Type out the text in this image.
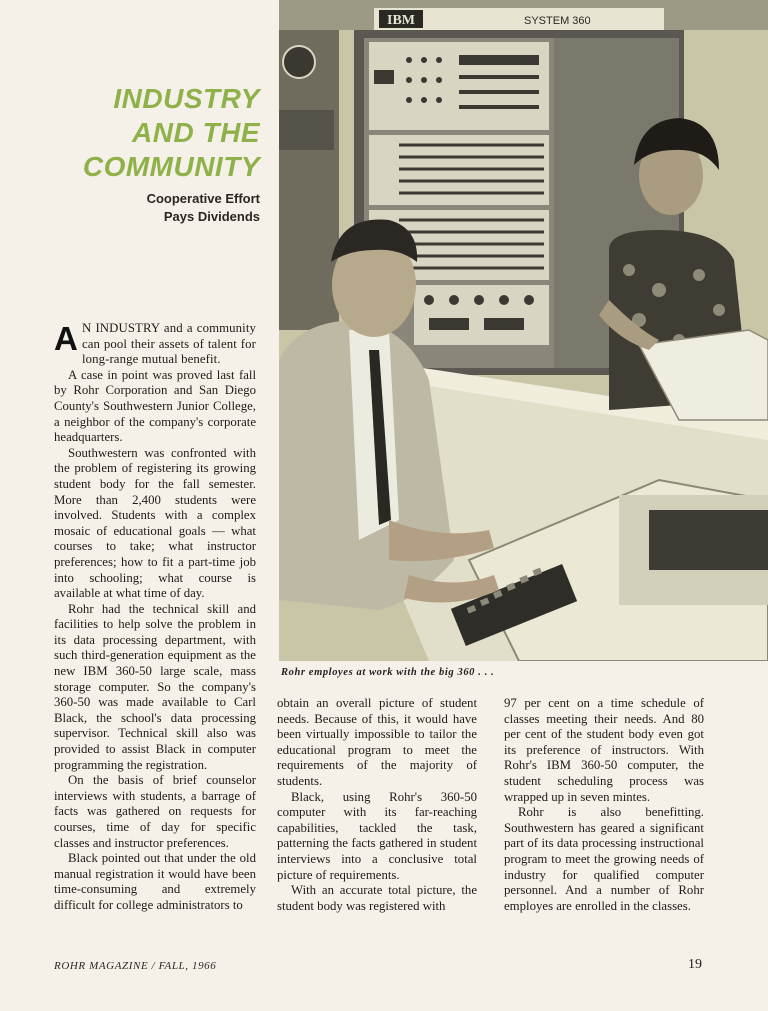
INDUSTRY
AND THE
COMMUNITY
Cooperative Effort
Pays Dividends
IBM	SYSTEM 360
Rohr employes at work with the big 360 . . .

A N INDUSTRY and a community can pool their assets of talent for long-range mutual benefit.

A case in point was proved last fall by Rohr Corporation and San Diego County's Southwestern Junior College, a neighbor of the company's corporate headquarters.

Southwestern was confronted with the problem of registering its growing student body for the fall semester. More than 2,400 students were involved. Students with a complex mosaic of educational goals — what courses to take; what instructor preferences; how to fit a part-time job into schooling; what course is available at what time of day.

Rohr had the technical skill and facilities to help solve the problem in its data processing department, with such third-generation equipment as the new IBM 360-50 large scale, mass storage computer. So the company's 360-50 was made available to Carl Black, the school's data processing supervisor. Technical skill also was provided to assist Black in computer programming the registration.

On the basis of brief counselor interviews with students, a barrage of facts was gathered on requests for courses, time of day for specific classes and instructor preferences.

Black pointed out that under the old manual registration it would have been time-consuming and extremely difficult for college administrators to

obtain an overall picture of student needs. Because of this, it would have been virtually impossible to tailor the educational program to meet the requirements of the majority of students.

Black, using Rohr's 360-50 computer with its far-reaching capabilities, tackled the task, patterning the facts gathered in student interviews into a conclusive total picture of requirements.

With an accurate total picture, the student body was registered with

97 per cent on a time schedule of classes meeting their needs. And 80 per cent of the student body even got its preference of instructors. With Rohr's IBM 360-50 computer, the student scheduling process was wrapped up in seven mintes.

Rohr is also benefitting. Southwestern has geared a significant part of its data processing instructional program to meet the growing needs of industry for qualified computer personnel. And a number of Rohr employes are enrolled in the classes.

ROHR MAGAZINE / FALL, 1966	19
